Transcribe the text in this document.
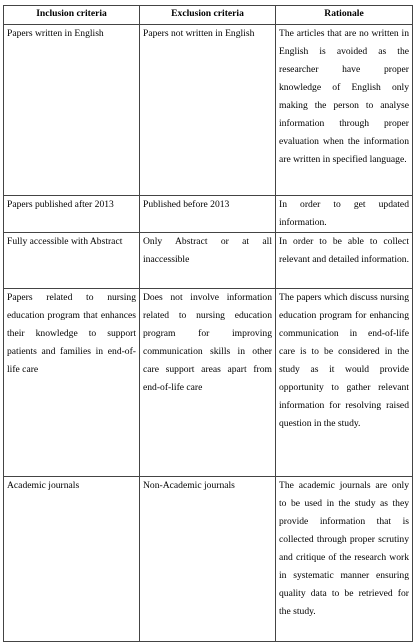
Inclusion criteria	Exclusion criteria	Rationale
Papers written in English	Papers not written in English	The articles that are no written in English is avoided as the researcher have proper knowledge of English only making the person to analyse information through proper evaluation when the information are written in specified language.
Papers published after 2013	Published before 2013	In order to get updated information.
Fully accessible with Abstract	Only Abstract or at all inaccessible	In order to be able to collect relevant and detailed information.
Papers related to nursing education program that enhances their knowledge to support patients and families in end-of-life care	Does not involve information related to nursing education program for improving communication skills in other care support areas apart from end-of-life care	The papers which discuss nursing education program for enhancing communication in end-of-life care is to be considered in the study as it would provide opportunity to gather relevant information for resolving raised question in the study.
Academic journals	Non-Academic journals	The academic journals are only to be used in the study as they provide information that is collected through proper scrutiny and critique of the research work in systematic manner ensuring quality data to be retrieved for the study.
